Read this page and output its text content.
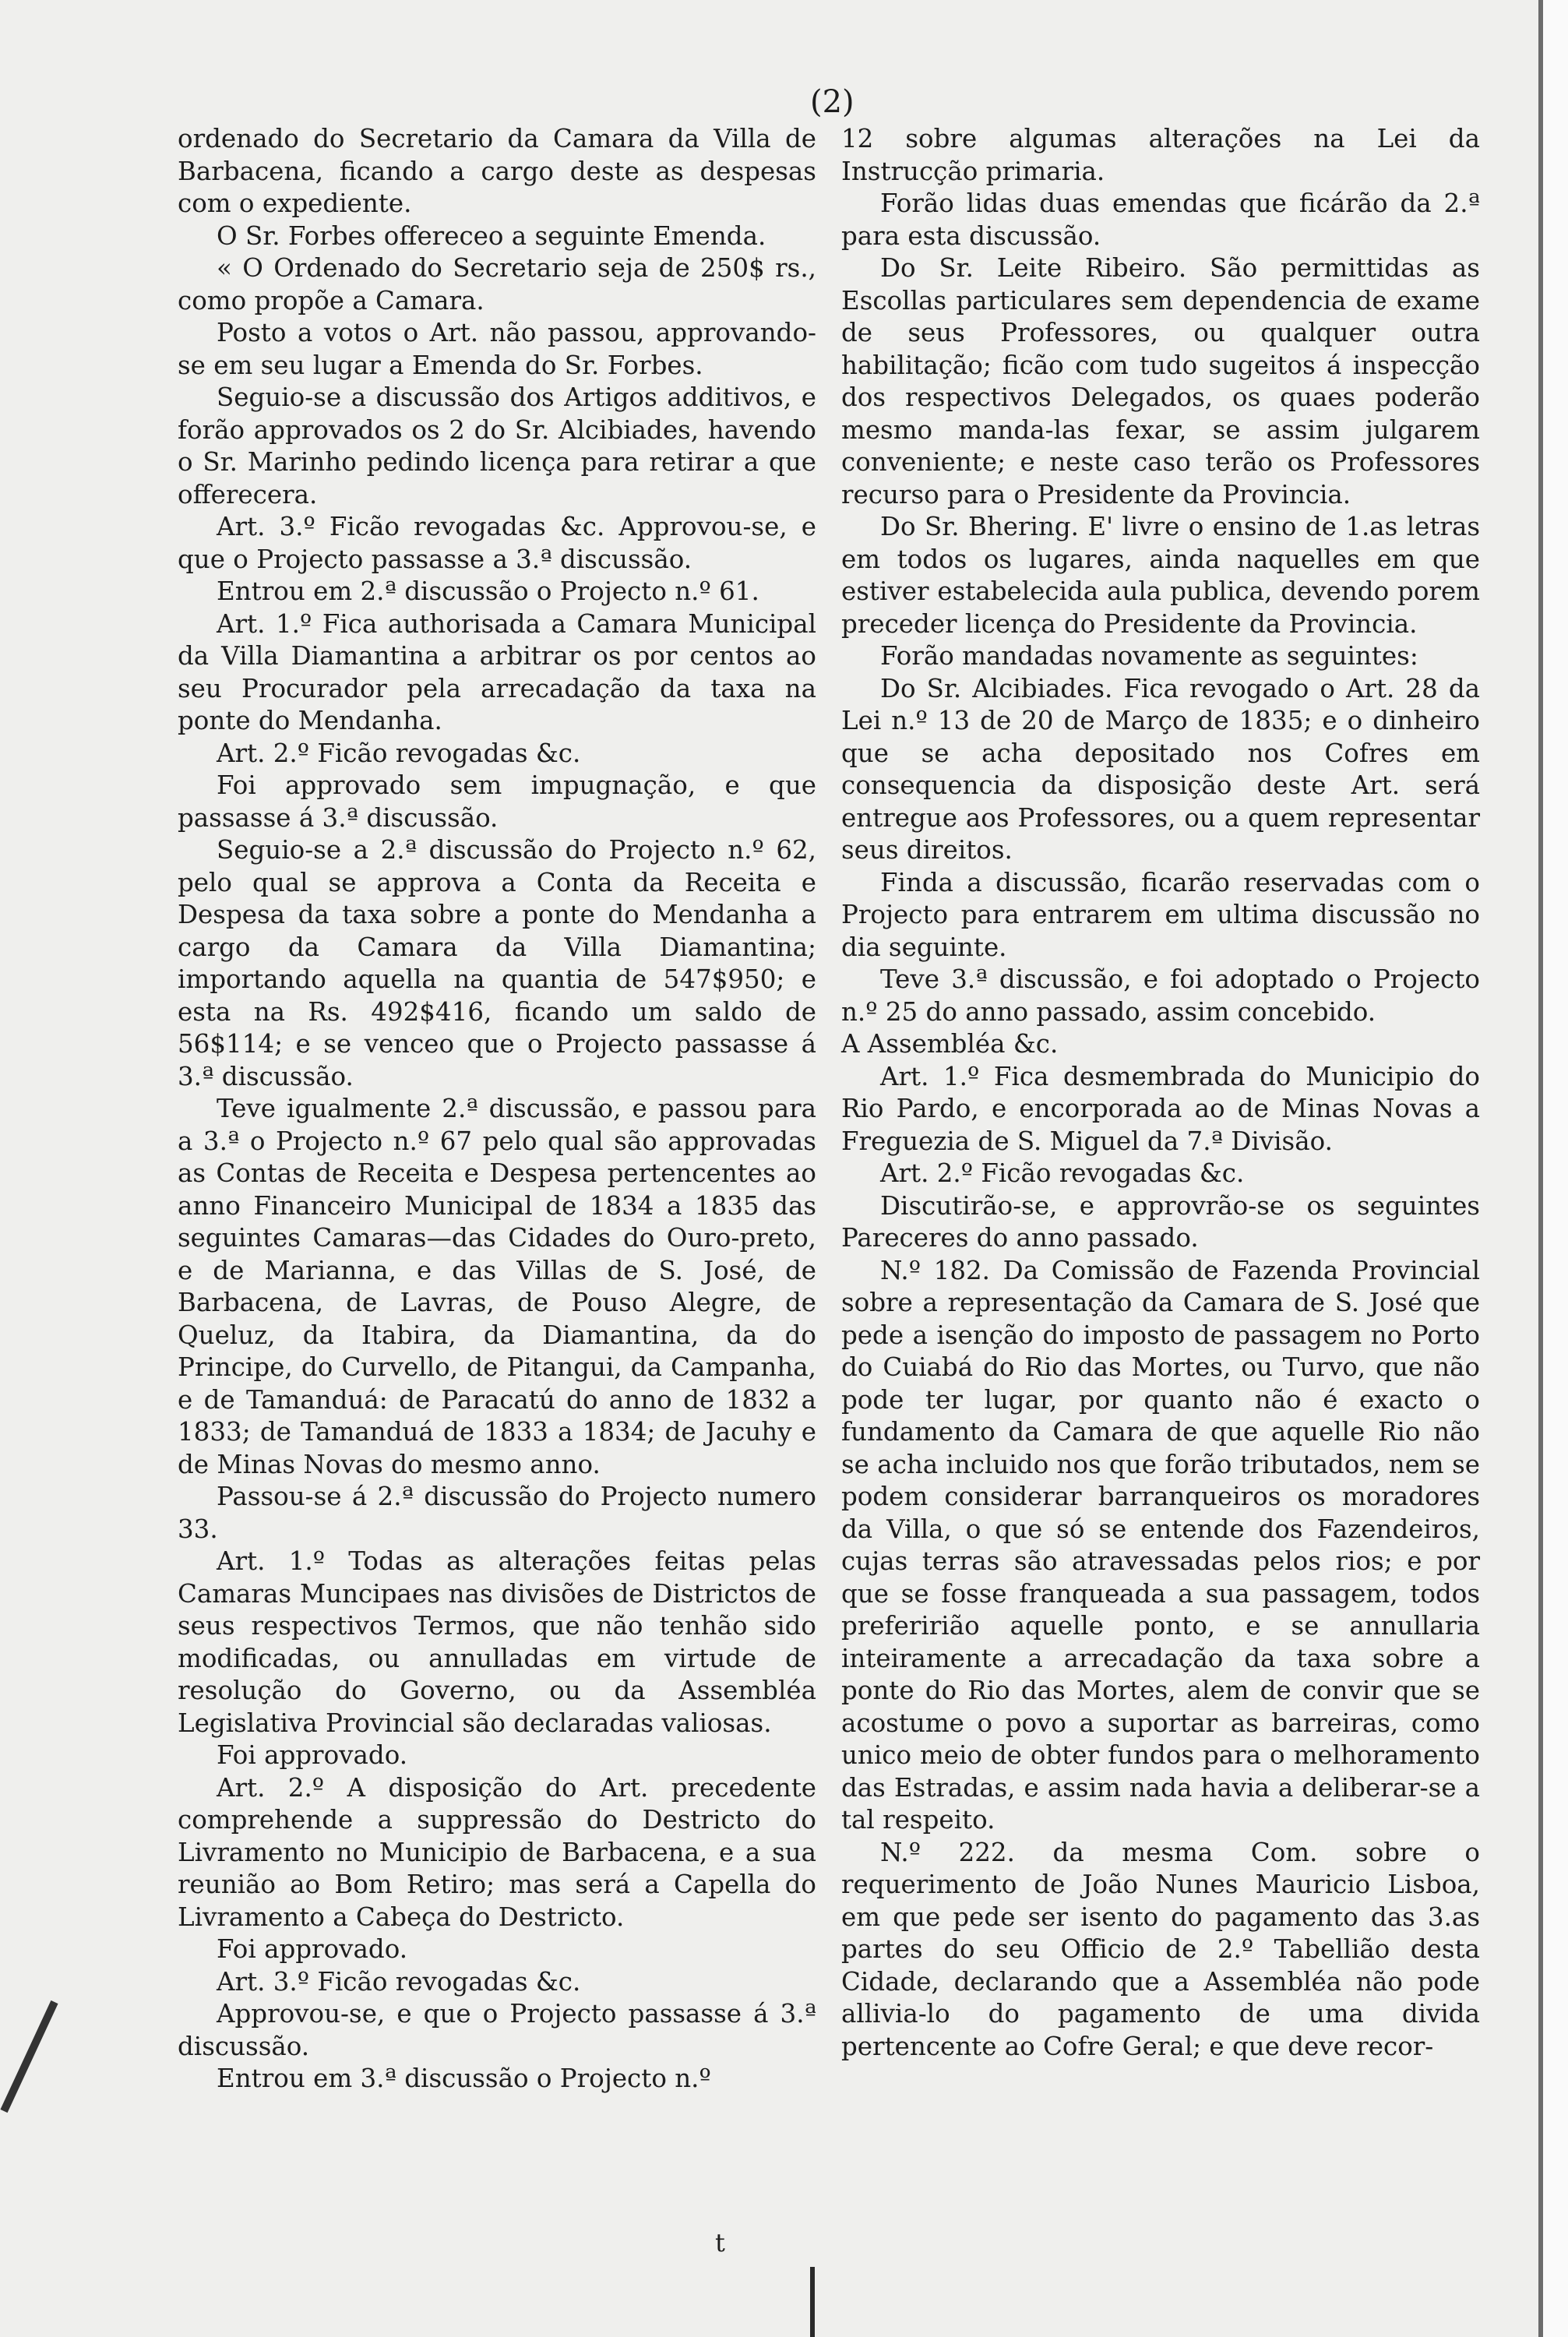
(2)

ordenado do Secretario da Camara da Villa de Barbacena, ficando a cargo deste as despesas com o expediente.

O Sr. Forbes offereceo a seguinte Emenda.

« O Ordenado do Secretario seja de 250$ rs., como propõe a Camara.

Posto a votos o Art. não passou, approvando-se em seu lugar a Emenda do Sr. Forbes.

Seguio-se a discussão dos Artigos additivos, e forão approvados os 2 do Sr. Alcibiades, havendo o Sr. Marinho pedindo licença para retirar a que offerecera.

Art. 3.º Ficão revogadas &c. Approvou-se, e que o Projecto passasse a 3.ª discussão.

Entrou em 2.ª discussão o Projecto n.º 61.

Art. 1.º Fica authorisada a Camara Municipal da Villa Diamantina a arbitrar os por centos ao seu Procurador pela arrecadação da taxa na ponte do Mendanha.

Art. 2.º Ficão revogadas &c.

Foi approvado sem impugnação, e que passasse á 3.ª discussão.

Seguio-se a 2.ª discussão do Projecto n.º 62, pelo qual se approva a Conta da Receita e Despesa da taxa sobre a ponte do Mendanha a cargo da Camara da Villa Diamantina; importando aquella na quantia de 547$950; e esta na Rs. 492$416, ficando um saldo de 56$114; e se venceo que o Projecto passasse á 3.ª discussão.

Teve igualmente 2.ª discussão, e passou para a 3.ª o Projecto n.º 67 pelo qual são approvadas as Contas de Receita e Despesa pertencentes ao anno Financeiro Municipal de 1834 a 1835 das seguintes Camaras—das Cidades do Ouro-preto, e de Marianna, e das Villas de S. José, de Barbacena, de Lavras, de Pouso Alegre, de Queluz, da Itabira, da Diamantina, da do Principe, do Curvello, de Pitangui, da Campanha, e de Tamanduá: de Paracatú do anno de 1832 a 1833; de Tamanduá de 1833 a 1834; de Jacuhy e de Minas Novas do mesmo anno.

Passou-se á 2.ª discussão do Projecto numero 33.

Art. 1.º Todas as alterações feitas pelas Camaras Muncipaes nas divisões de Districtos de seus respectivos Termos, que não tenhão sido modificadas, ou annulladas em virtude de resolução do Governo, ou da Assembléa Legislativa Provincial são declaradas valiosas.

Foi approvado.

Art. 2.º A disposição do Art. precedente comprehende a suppressão do Destricto do Livramento no Municipio de Barbacena, e a sua reunião ao Bom Retiro; mas será a Capella do Livramento a Cabeça do Destricto.

Foi approvado.

Art. 3.º Ficão revogadas &c.

Approvou-se, e que o Projecto passasse á 3.ª discussão.

Entrou em 3.ª discussão o Projecto n.º

12 sobre algumas alterações na Lei da Instrucção primaria.

Forão lidas duas emendas que ficárão da 2.ª para esta discussão.

Do Sr. Leite Ribeiro. São permittidas as Escollas particulares sem dependencia de exame de seus Professores, ou qualquer outra habilitação; ficão com tudo sugeitos á inspecção dos respectivos Delegados, os quaes poderão mesmo manda-las fexar, se assim julgarem conveniente; e neste caso terão os Professores recurso para o Presidente da Provincia.

Do Sr. Bhering. E' livre o ensino de 1.as letras em todos os lugares, ainda naquelles em que estiver estabelecida aula publica, devendo porem preceder licença do Presidente da Provincia.

Forão mandadas novamente as seguintes:

Do Sr. Alcibiades. Fica revogado o Art. 28 da Lei n.º 13 de 20 de Março de 1835; e o dinheiro que se acha depositado nos Cofres em consequencia da disposição deste Art. será entregue aos Professores, ou a quem representar seus direitos.

Finda a discussão, ficarão reservadas com o Projecto para entrarem em ultima discussão no dia seguinte.

Teve 3.ª discussão, e foi adoptado o Projecto n.º 25 do anno passado, assim concebido.

A Assembléa &c.

Art. 1.º Fica desmembrada do Municipio do Rio Pardo, e encorporada ao de Minas Novas a Freguezia de S. Miguel da 7.ª Divisão.

Art. 2.º Ficão revogadas &c.

Discutirão-se, e approvrão-se os seguintes Pareceres do anno passado.

N.º 182. Da Comissão de Fazenda Provincial sobre a representação da Camara de S. José que pede a isenção do imposto de passagem no Porto do Cuiabá do Rio das Mortes, ou Turvo, que não pode ter lugar, por quanto não é exacto o fundamento da Camara de que aquelle Rio não se acha incluido nos que forão tributados, nem se podem considerar barranqueiros os moradores da Villa, o que só se entende dos Fazendeiros, cujas terras são atravessadas pelos rios; e por que se fosse franqueada a sua passagem, todos preferirião aquelle ponto, e se annullaria inteiramente a arrecadação da taxa sobre a ponte do Rio das Mortes, alem de convir que se acostume o povo a suportar as barreiras, como unico meio de obter fundos para o melhoramento das Estradas, e assim nada havia a deliberar-se a tal respeito.

N.º 222. da mesma Com. sobre o requerimento de João Nunes Mauricio Lisboa, em que pede ser isento do pagamento das 3.as partes do seu Officio de 2.º Tabellião desta Cidade, declarando que a Assembléa não pode allivia-lo do pagamento de uma divida pertencente ao Cofre Geral; e que deve recor-

t
